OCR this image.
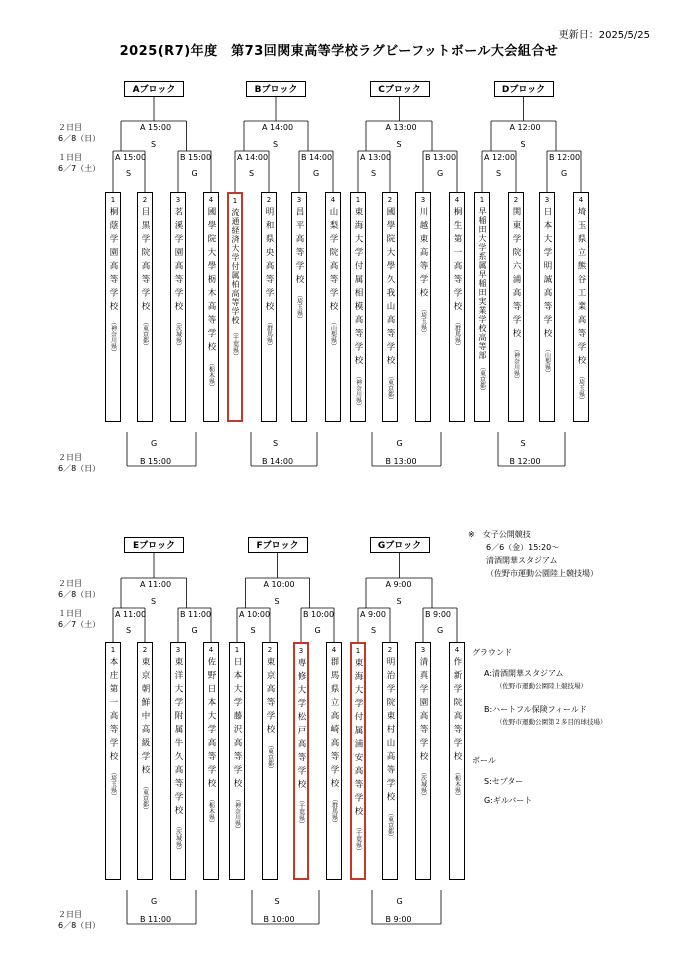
更新日：2025/5/25
2025(R7)年度　第73回関東高等学校ラグビーフットボール大会組合せ
２日目
6／8（日）
１日目
6／7（土）
２日目
6／8（日）
２日目
6／8（日）
１日目
6／7（土）
２日目
6／8（日）
Aブロック
A 15:00
S
A 15:00
S
B 15:00
G
G
B 15:00
1
桐蔭学園高等学校
（神奈川県）
2
目黒学院高等学校
（東京都）
3
茗溪学園高等学校
（茨城県）
4
國學院大學栃木高等学校
（栃木県）
Bブロック
A 14:00
S
A 14:00
S
B 14:00
G
S
B 14:00
1
流通経済大学付属柏高等学校
（千葉県）
2
明和県央高等学校
（群馬県）
3
昌平高等学校
（埼玉県）
4
山梨学院高等学校
（山梨県）
Cブロック
A 13:00
S
A 13:00
S
B 13:00
G
G
B 13:00
1
東海大学付属相模高等学校
（神奈川県）
2
國學院大學久我山高等学校
（東京都）
3
川越東高等学校
（埼玉県）
4
桐生第一高等学校
（群馬県）
Dブロック
A 12:00
S
A 12:00
S
B 12:00
G
S
B 12:00
1
早稲田大学系属早稲田実業学校高等部
（東京都）
2
関東学院六浦高等学校
（神奈川県）
3
日本大学明誠高等学校
（山梨県）
4
埼玉県立熊谷工業高等学校
（埼玉県）
Eブロック
A 11:00
S
A 11:00
S
B 11:00
G
G
B 11:00
1
本庄第一高等学校
（埼玉県）
2
東京朝鮮中高級学校
（東京都）
3
東洋大学附属牛久高等学校
（茨城県）
4
佐野日本大学高等学校
（栃木県）
Fブロック
A 10:00
S
A 10:00
S
B 10:00
G
S
B 10:00
1
日本大学藤沢高等学校
（神奈川県）
2
東京高等学校
（東京都）
3
専修大学松戸高等学校
（千葉県）
4
群馬県立高崎高等学校
（群馬県）
Gブロック
A 9:00
S
A 9:00
S
B 9:00
G
G
B 9:00
1
東海大学付属浦安高等学校
（千葉県）
2
明治学院東村山高等学校
（東京都）
3
清真学園高等学校
（茨城県）
4
作新学院高等学校
（栃木県）
※　女子公開競技
6／6（金）15:20～
清酒開華スタジアム
（佐野市運動公園陸上競技場）
グラウンド
A:清酒開華スタジアム
（佐野市運動公園陸上競技場）
B:ハートフル保険フィールド
（佐野市運動公園第２多目的球技場）
ボール
S:セプター
G:ギルバート
